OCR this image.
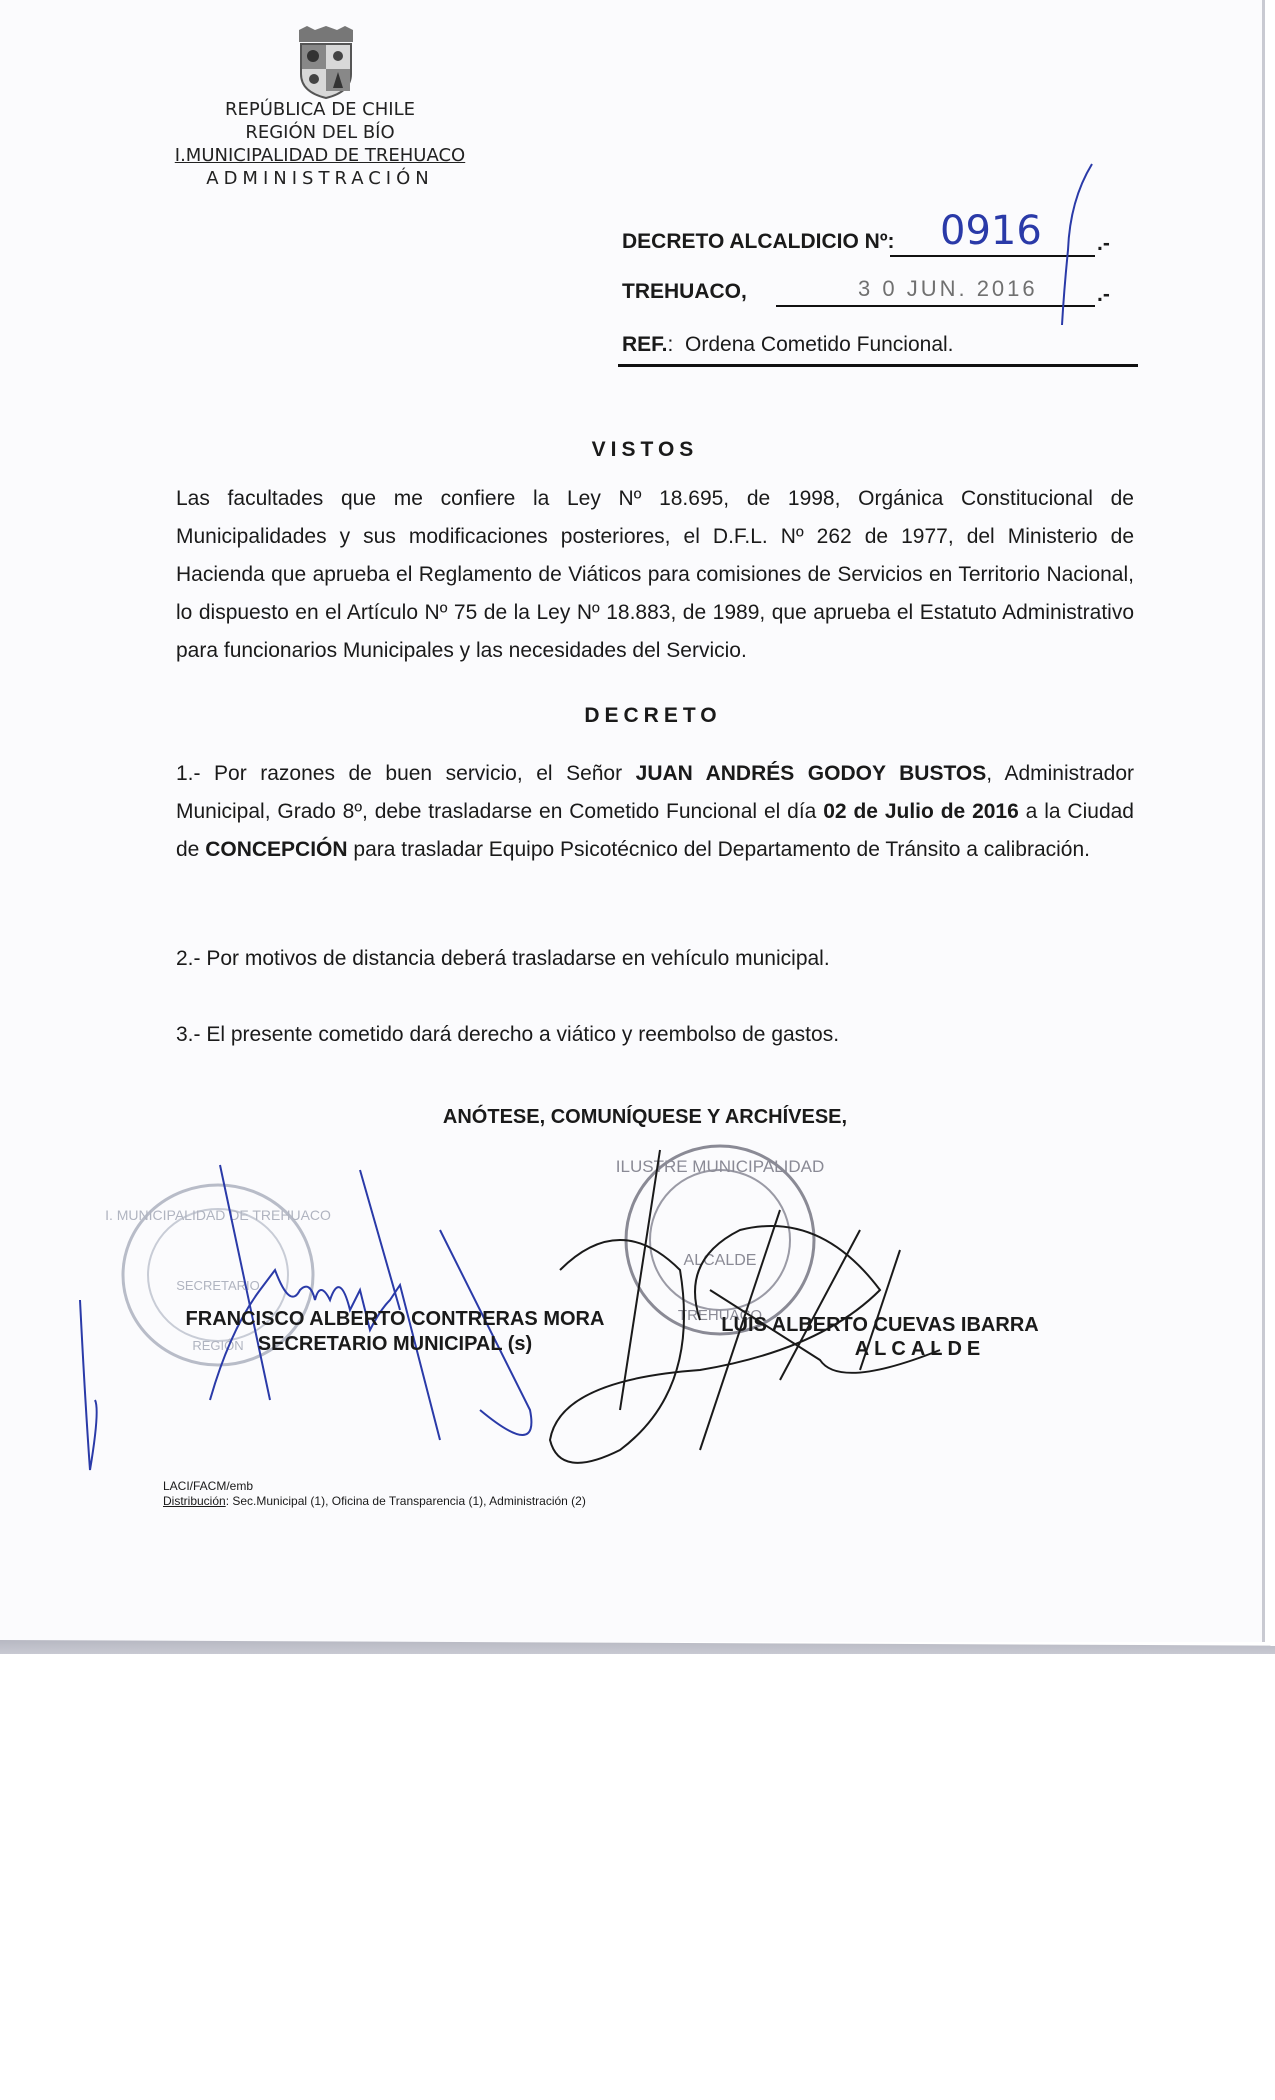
REPÚBLICA DE CHILE
REGIÓN DEL BÍO
I.MUNICIPALIDAD DE TREHUACO
ADMINISTRACIÓN
DECRETO ALCALDICIO Nº: 0916	.-
TREHUACO,	3 0 JUN. 2016	.-
REF.: Ordena Cometido Funcional.
VISTOS
Las facultades que me confiere la Ley Nº 18.695, de 1998, Orgánica Constitucional de Municipalidades y sus modificaciones posteriores, el D.F.L. Nº 262 de 1977, del Ministerio de Hacienda que aprueba el Reglamento de Viáticos para comisiones de Servicios en Territorio Nacional, lo dispuesto en el Artículo Nº 75 de la Ley Nº 18.883, de 1989, que aprueba el Estatuto Administrativo para funcionarios Municipales y las necesidades del Servicio.
DECRETO
1.- Por razones de buen servicio, el Señor JUAN ANDRÉS GODOY BUSTOS, Administrador Municipal, Grado 8º, debe trasladarse en Cometido Funcional el día 02 de Julio de 2016 a la Ciudad de CONCEPCIÓN para trasladar Equipo Psicotécnico del Departamento de Tránsito a calibración.
2.- Por motivos de distancia deberá trasladarse en vehículo municipal.
3.- El presente cometido dará derecho a viático y reembolso de gastos.
ANÓTESE, COMUNÍQUESE Y ARCHÍVESE,
I. MUNICIPALIDAD DE TREHUACO
SECRETARIO
REGIÓN
ILUSTRE MUNICIPALIDAD
ALCALDE
TREHUACO
FRANCISCO ALBERTO CONTRERAS MORA
SECRETARIO MUNICIPAL (s)
LUIS ALBERTO CUEVAS IBARRA
ALCALDE
LACI/FACM/emb
Distribución: Sec.Municipal (1), Oficina de Transparencia (1), Administración (2)
